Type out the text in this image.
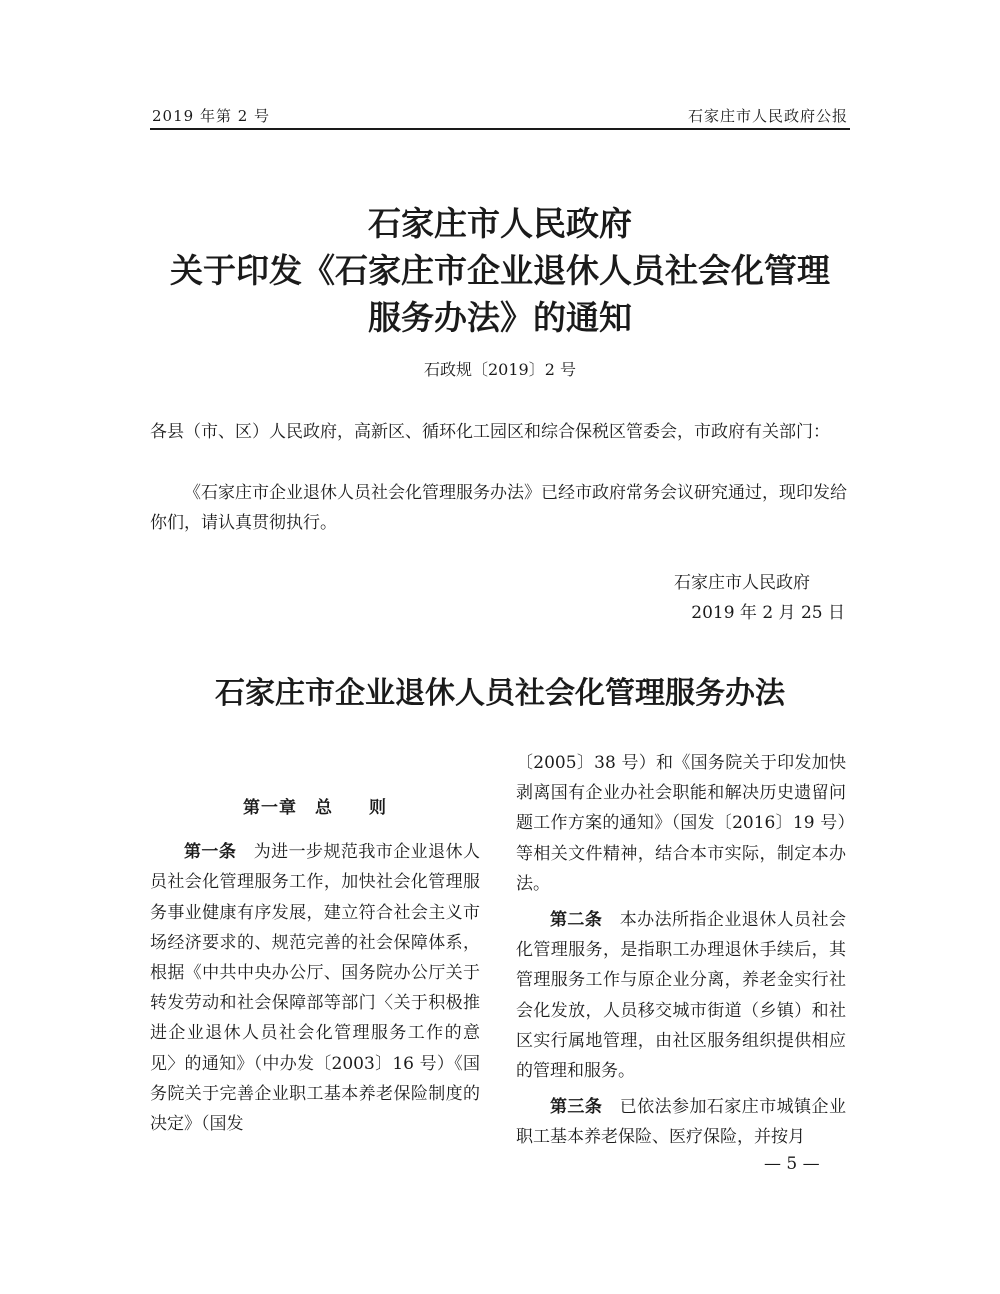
2019 年第 2 号	石家庄市人民政府公报
石家庄市人民政府
关于印发《石家庄市企业退休人员社会化管理
服务办法》的通知
石政规〔2019〕2 号

各县（市、区）人民政府，高新区、循环化工园区和综合保税区管委会，市政府有关部门：

《石家庄市企业退休人员社会化管理服务办法》已经市政府常务会议研究通过，现印发给你们，请认真贯彻执行。

石家庄市人民政府
2019 年 2 月 25 日
石家庄市企业退休人员社会化管理服务办法

第一章　总　　则

第一条　为进一步规范我市企业退休人员社会化管理服务工作，加快社会化管理服务事业健康有序发展，建立符合社会主义市场经济要求的、规范完善的社会保障体系，根据《中共中央办公厅、国务院办公厅关于转发劳动和社会保障部等部门〈关于积极推进企业退休人员社会化管理服务工作的意见〉的通知》（中办发〔2003〕16 号）《国务院关于完善企业职工基本养老保险制度的决定》（国发

〔2005〕38 号）和《国务院关于印发加快剥离国有企业办社会职能和解决历史遗留问题工作方案的通知》（国发〔2016〕19 号）等相关文件精神，结合本市实际，制定本办法。

第二条　本办法所指企业退休人员社会化管理服务，是指职工办理退休手续后，其管理服务工作与原企业分离，养老金实行社会化发放，人员移交城市街道（乡镇）和社区实行属地管理，由社区服务组织提供相应的管理和服务。

第三条　已依法参加石家庄市城镇企业职工基本养老保险、医疗保险，并按月

— 5 —
